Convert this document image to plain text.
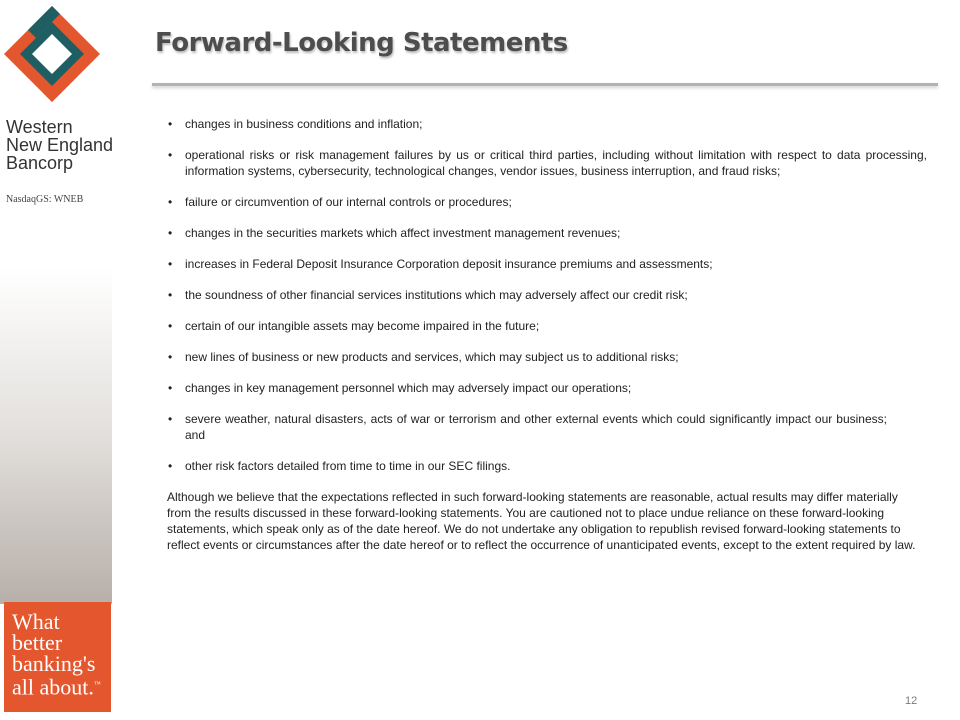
Western
New England
Bancorp
NasdaqGS: WNEB
What
better
banking's
all about.™
Forward-Looking Statements
• changes in business conditions and inflation;
• operational risks or risk management failures by us or critical third parties, including without limitation with respect to data processing, information systems, cybersecurity, technological changes, vendor issues, business interruption, and fraud risks;
• failure or circumvention of our internal controls or procedures;
• changes in the securities markets which affect investment management revenues;
• increases in Federal Deposit Insurance Corporation deposit insurance premiums and assessments;
• the soundness of other financial services institutions which may adversely affect our credit risk;
• certain of our intangible assets may become impaired in the future;
• new lines of business or new products and services, which may subject us to additional risks;
• changes in key management personnel which may adversely impact our operations;
• severe weather, natural disasters, acts of war or terrorism and other external events which could significantly impact our business; and
• other risk factors detailed from time to time in our SEC filings.

Although we believe that the expectations reflected in such forward-looking statements are reasonable, actual results may differ materially from the results discussed in these forward-looking statements. You are cautioned not to place undue reliance on these forward-looking statements, which speak only as of the date hereof. We do not undertake any obligation to republish revised forward-looking statements to reflect events or circumstances after the date hereof or to reflect the occurrence of unanticipated events, except to the extent required by law.

12
